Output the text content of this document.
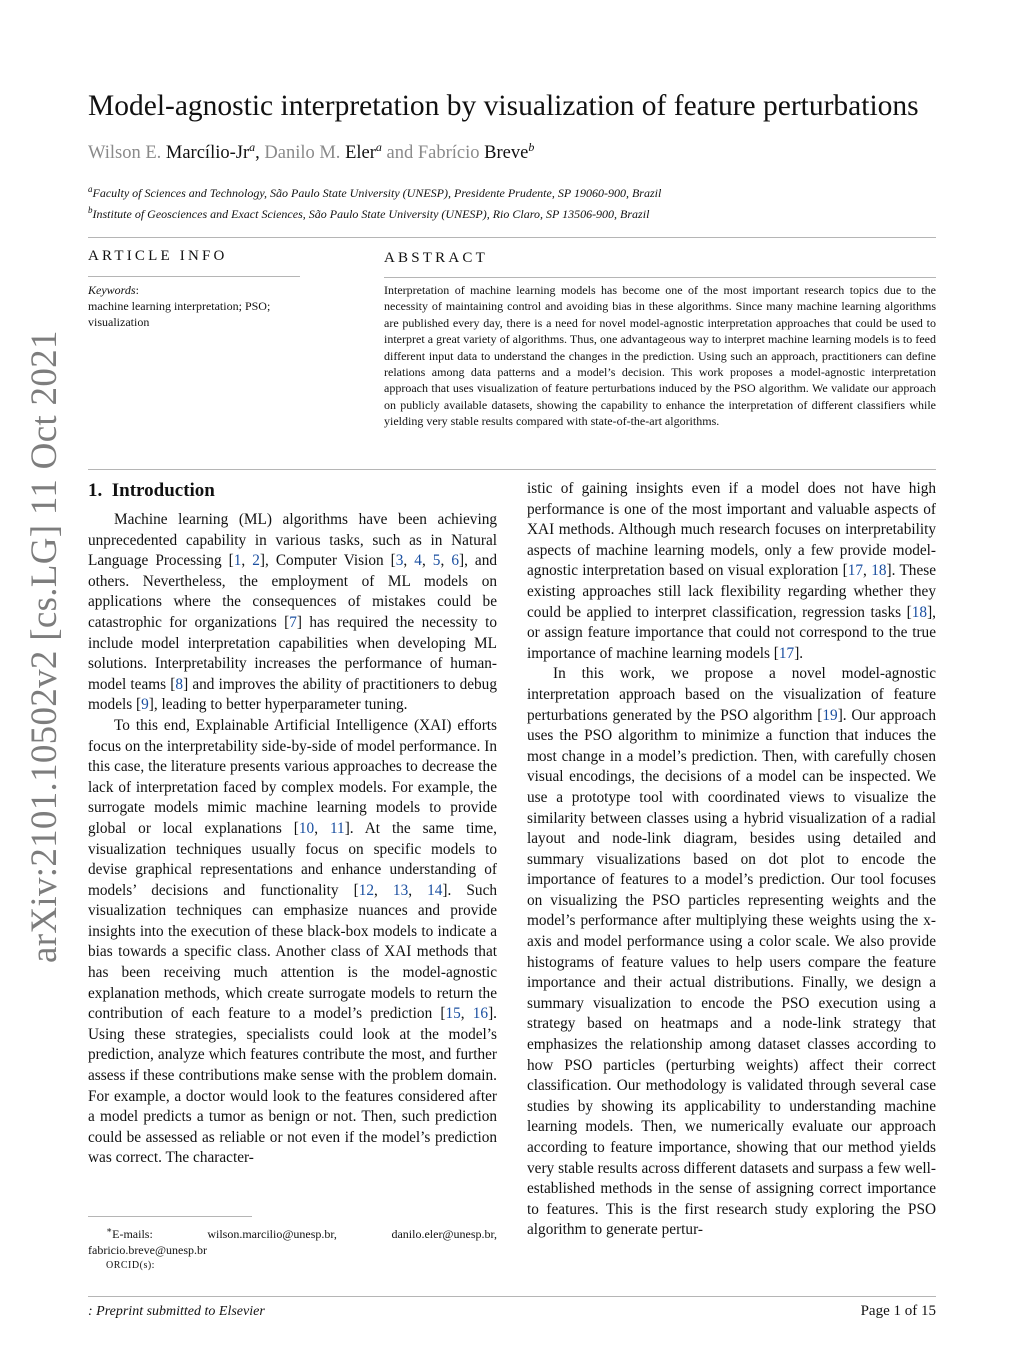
arXiv:2101.10502v2 [cs.LG] 11 Oct 2021
Model-agnostic interpretation by visualization of feature perturbations
Wilson E. Marcílio-Jr$^a$, Danilo M. Eler$^a$ and Fabrício Breve$^b$
$^a$Faculty of Sciences and Technology, São Paulo State University (UNESP), Presidente Prudente, SP 19060-900, Brazil
$^b$Institute of Geosciences and Exact Sciences, São Paulo State University (UNESP), Rio Claro, SP 13506-900, Brazil
ARTICLE INFO	ABSTRACT
Keywords:
machine learning interpretation; PSO; visualization
Interpretation of machine learning models has become one of the most important research topics due to the necessity of maintaining control and avoiding bias in these algorithms. Since many machine learning algorithms are published every day, there is a need for novel model-agnostic interpretation approaches that could be used to interpret a great variety of algorithms. Thus, one advantageous way to interpret machine learning models is to feed different input data to understand the changes in the prediction. Using such an approach, practitioners can define relations among data patterns and a model’s decision. This work proposes a model-agnostic interpretation approach that uses visualization of feature perturbations induced by the PSO algorithm. We validate our approach on publicly available datasets, showing the capability to enhance the interpretation of different classifiers while yielding very stable results compared with state-of-the-art algorithms.
1. Introduction

Machine learning (ML) algorithms have been achieving unprecedented capability in various tasks, such as in Natural Language Processing [1, 2], Computer Vision [3, 4, 5, 6], and others. Nevertheless, the employment of ML models on applications where the consequences of mistakes could be catastrophic for organizations [7] has required the necessity to include model interpretation capabilities when developing ML solutions. Interpretability increases the performance of human-model teams [8] and improves the ability of practitioners to debug models [9], leading to better hyperparameter tuning.

To this end, Explainable Artificial Intelligence (XAI) efforts focus on the interpretability side-by-side of model performance. In this case, the literature presents various approaches to decrease the lack of interpretation faced by complex models. For example, the surrogate models mimic machine learning models to provide global or local explanations [10, 11]. At the same time, visualization techniques usually focus on specific models to devise graphical representations and enhance understanding of models’ decisions and functionality [12, 13, 14]. Such visualization techniques can emphasize nuances and provide insights into the execution of these black-box models to indicate a bias towards a specific class. Another class of XAI methods that has been receiving much attention is the model-agnostic explanation methods, which create surrogate models to return the contribution of each feature to a model’s prediction [15, 16]. Using these strategies, specialists could look at the model’s prediction, analyze which features contribute the most, and further assess if these contributions make sense with the problem domain. For example, a doctor would look to the features considered after a model predicts a tumor as benign or not. Then, such prediction could be assessed as reliable or not even if the model’s prediction was correct. The character-

istic of gaining insights even if a model does not have high performance is one of the most important and valuable aspects of XAI methods. Although much research focuses on interpretability aspects of machine learning models, only a few provide model-agnostic interpretation based on visual exploration [17, 18]. These existing approaches still lack flexibility regarding whether they could be applied to interpret classification, regression tasks [18], or assign feature importance that could not correspond to the true importance of machine learning models [17].

In this work, we propose a novel model-agnostic interpretation approach based on the visualization of feature perturbations generated by the PSO algorithm [19]. Our approach uses the PSO algorithm to minimize a function that induces the most change in a model’s prediction. Then, with carefully chosen visual encodings, the decisions of a model can be inspected. We use a prototype tool with coordinated views to visualize the similarity between classes using a hybrid visualization of a radial layout and node-link diagram, besides using detailed and summary visualizations based on dot plot to encode the importance of features to a model’s prediction. Our tool focuses on visualizing the PSO particles representing weights and the model’s performance after multiplying these weights using the x-axis and model performance using a color scale. We also provide histograms of feature values to help users compare the feature importance and their actual distributions. Finally, we design a summary visualization to encode the PSO execution using a strategy based on heatmaps and a node-link strategy that emphasizes the relationship among dataset classes according to how PSO particles (perturbing weights) affect their correct classification. Our methodology is validated through several case studies by showing its applicability to understanding machine learning models. Then, we numerically evaluate our approach according to feature importance, showing that our method yields very stable results across different datasets and surpass a few well-established methods in the sense of assigning correct importance to features. This is the first research study exploring the PSO algorithm to generate pertur-

∗E-mails: wilson.marcilio@unesp.br, danilo.eler@unesp.br, fabricio.breve@unesp.br
ORCID(s):
: Preprint submitted to Elsevier	Page 1 of 15
